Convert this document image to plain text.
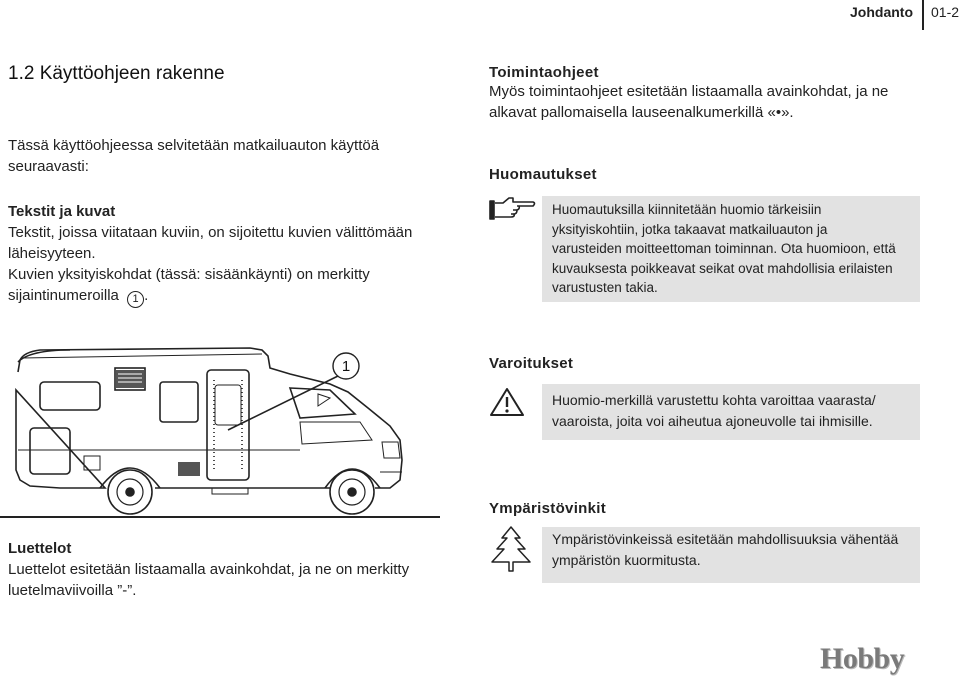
Johdanto 01-2
1.2 Käyttöohjeen rakenne
Tässä käyttöohjeessa selvitetään matkailuauton käyttöä
seuraavasti:
Tekstit ja kuvat
Tekstit, joissa viitataan kuviin, on sijoitettu kuvien välittömään
läheisyyteen.
Kuvien yksityiskohdat (tässä: sisäänkäynti) on merkitty
sijaintinumeroilla 1 .
1
Luettelot
Luettelot esitetään listaamalla avainkohdat, ja ne on merkitty
luetelmaviivoilla ”-”.
Toimintaohjeet
Myös toimintaohjeet esitetään listaamalla avainkohdat, ja ne
alkavat pallomaisella lauseenalkumerkillä «•».
Huomautukset
Huomautuksilla kiinnitetään huomio tärkeisiin
yksityiskohtiin, jotka takaavat matkailuauton ja
varusteiden moitteettoman toiminnan. Ota huomioon, että
kuvauksesta poikkeavat seikat ovat mahdollisia erilaisten
varustusten takia.
Varoitukset
Huomio-merkillä varustettu kohta varoittaa vaarasta/
vaaroista, joita voi aiheutua ajoneuvolle tai ihmisille.
Ympäristövinkit
Ympäristövinkeissä esitetään mahdollisuuksia vähentää
ympäristön kuormitusta.
Hobby
